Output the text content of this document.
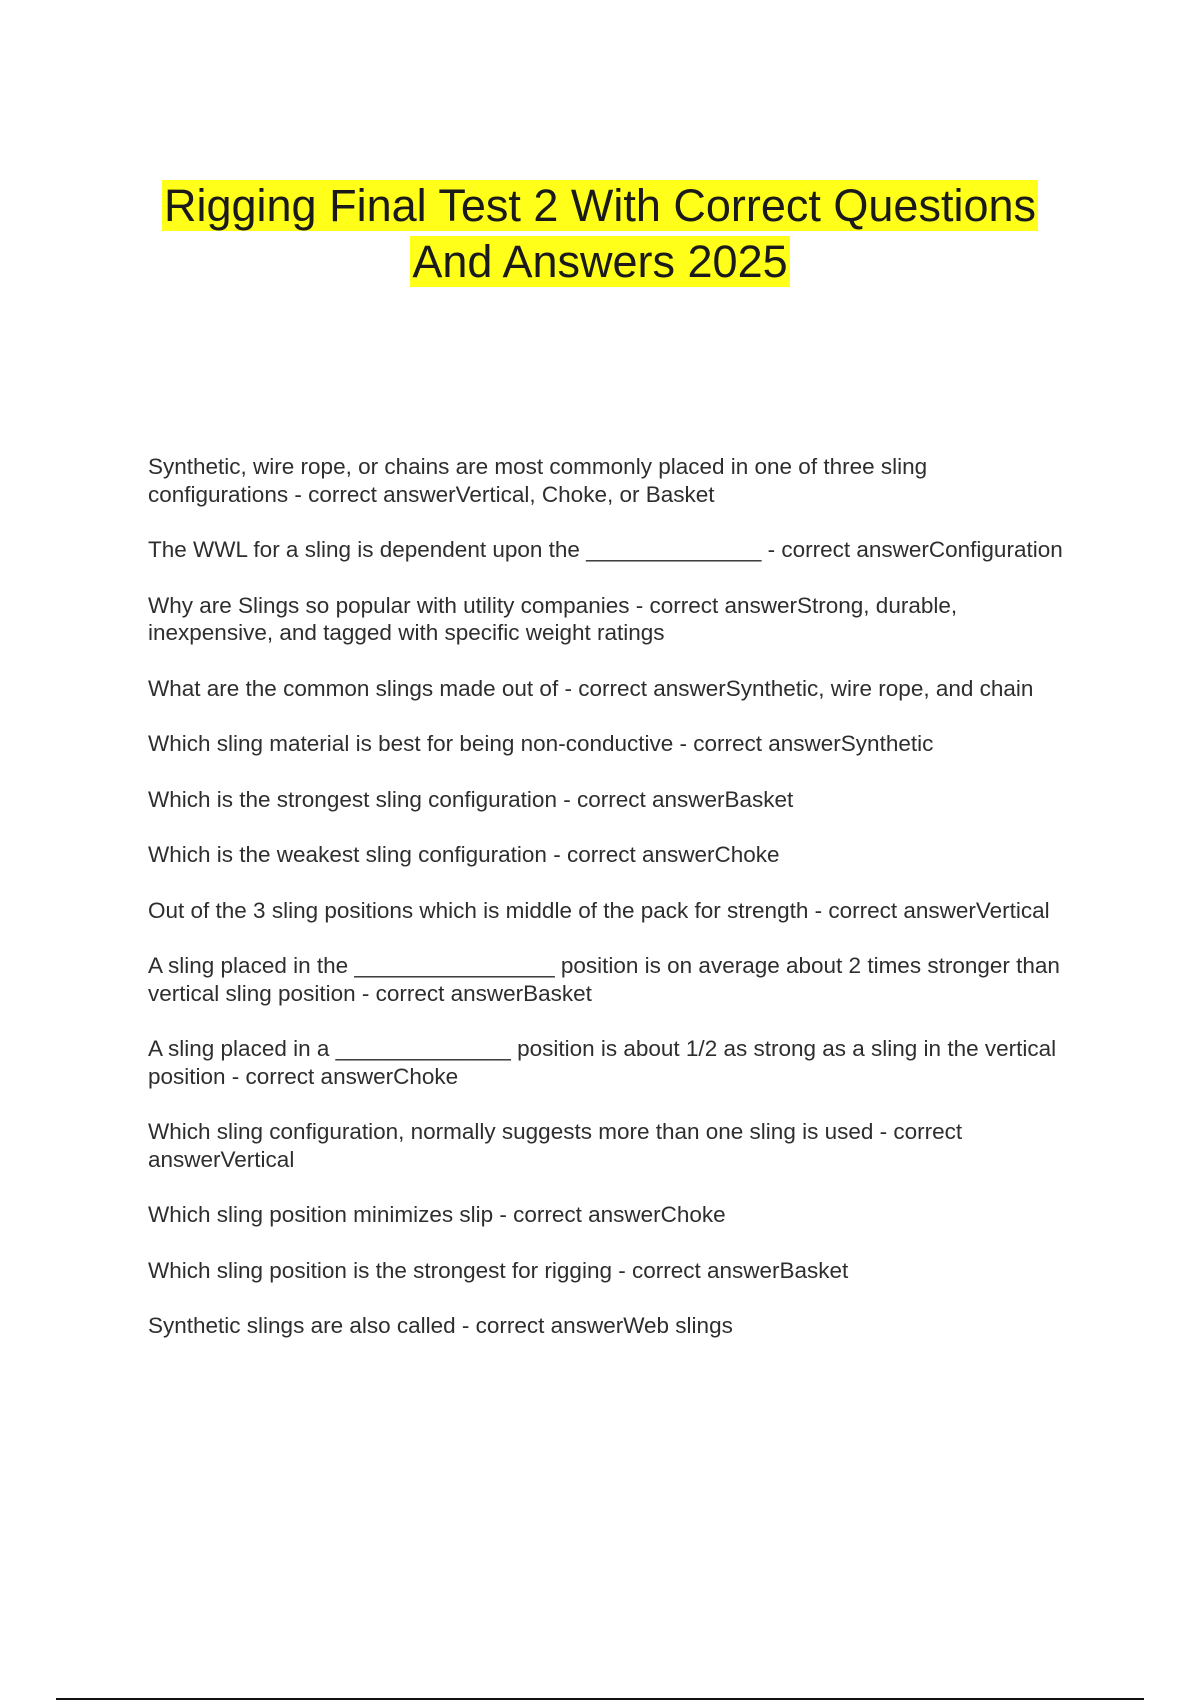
Rigging Final Test 2 With Correct Questions
And Answers 2025

Synthetic, wire rope, or chains are most commonly placed in one of three sling configurations - correct answerVertical, Choke, or Basket

The WWL for a sling is dependent upon the ______________ - correct answerConfiguration

Why are Slings so popular with utility companies - correct answerStrong, durable, inexpensive, and tagged with specific weight ratings

What are the common slings made out of - correct answerSynthetic, wire rope, and chain

Which sling material is best for being non-conductive - correct answerSynthetic

Which is the strongest sling configuration - correct answerBasket

Which is the weakest sling configuration - correct answerChoke

Out of the 3 sling positions which is middle of the pack for strength - correct answerVertical

A sling placed in the ________________ position is on average about 2 times stronger than vertical sling position - correct answerBasket

A sling placed in a ______________ position is about 1/2 as strong as a sling in the vertical position - correct answerChoke

Which sling configuration, normally suggests more than one sling is used - correct answerVertical

Which sling position minimizes slip - correct answerChoke

Which sling position is the strongest for rigging - correct answerBasket

Synthetic slings are also called - correct answerWeb slings
